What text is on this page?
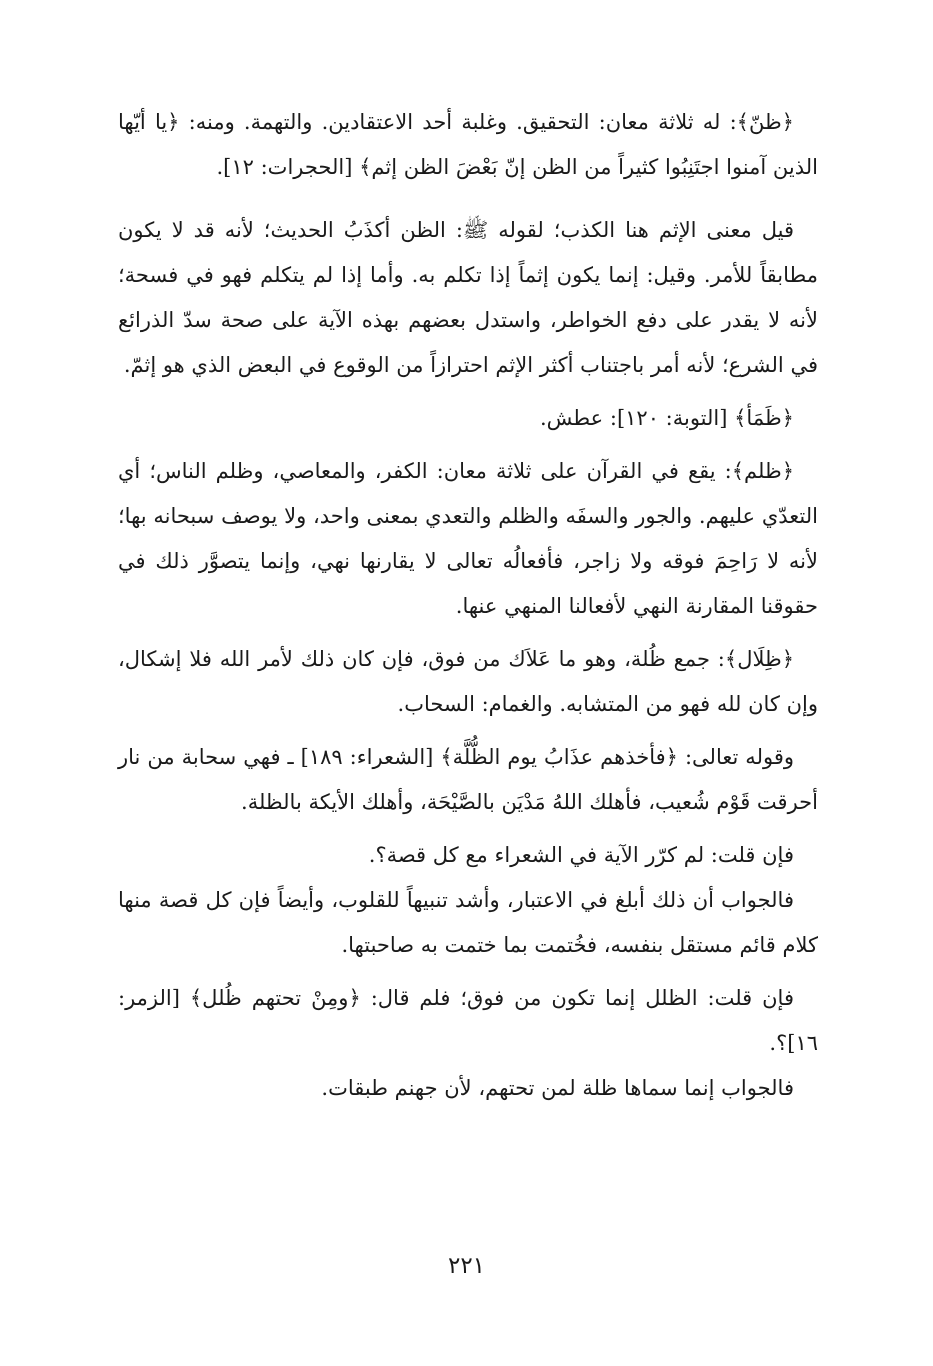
﴿ظنّ﴾: له ثلاثة معان: التحقيق. وغلبة أحد الاعتقادين. والتهمة. ومنه: ﴿يا أيّها الذين آمنوا اجتَنِبُوا كثيراً من الظن إنّ بَعْضَ الظن إثم﴾ [الحجرات: ١٢].

قيل معنى الإثم هنا الكذب؛ لقوله ﷺ: الظن أكذَبُ الحديث؛ لأنه قد لا يكون مطابقاً للأمر. وقيل: إنما يكون إثماً إذا تكلم به. وأما إذا لم يتكلم فهو في فسحة؛ لأنه لا يقدر على دفع الخواطر، واستدل بعضهم بهذه الآية على صحة سدّ الذرائع في الشرع؛ لأنه أمر باجتناب أكثر الإثم احترازاً من الوقوع في البعض الذي هو إثمّ.

﴿ظَمَأ﴾ [التوبة: ١٢٠]: عطش.

﴿ظلم﴾: يقع في القرآن على ثلاثة معان: الكفر، والمعاصي، وظلم الناس؛ أي التعدّي عليهم. والجور والسفَه والظلم والتعدي بمعنى واحد، ولا يوصف سبحانه بها؛ لأنه لا رَاحِمَ فوقه ولا زاجر، فأفعالُه تعالى لا يقارنها نهي، وإنما يتصوَّر ذلك في حقوقنا المقارنة النهي لأفعالنا المنهي عنها.

﴿ظِلَال﴾: جمع ظُلة، وهو ما عَلاَك من فوق، فإن كان ذلك لأمر الله فلا إشكال، وإن كان لله فهو من المتشابه. والغمام: السحاب.

وقوله تعالى: ﴿فأخذهم عذَابُ يوم الظُّلَّة﴾ [الشعراء: ١٨٩] ـ فهي سحابة من نار أحرقت قَوْم شُعيب، فأهلك اللهُ مَدْيَن بالصَّيْحَة، وأهلك الأيكة بالظلة.

فإن قلت: لم كرّر الآية في الشعراء مع كل قصة؟.

فالجواب أن ذلك أبلغ في الاعتبار، وأشد تنبيهاً للقلوب، وأيضاً فإن كل قصة منها كلام قائم مستقل بنفسه، فخُتمت بما ختمت به صاحبتها.

فإن قلت: الظلل إنما تكون من فوق؛ فلم قال: ﴿ومِنْ تحتهم ظُلل﴾ [الزمر: ١٦]؟.

فالجواب إنما سماها ظلة لمن تحتهم، لأن جهنم طبقات.

٢٢١
